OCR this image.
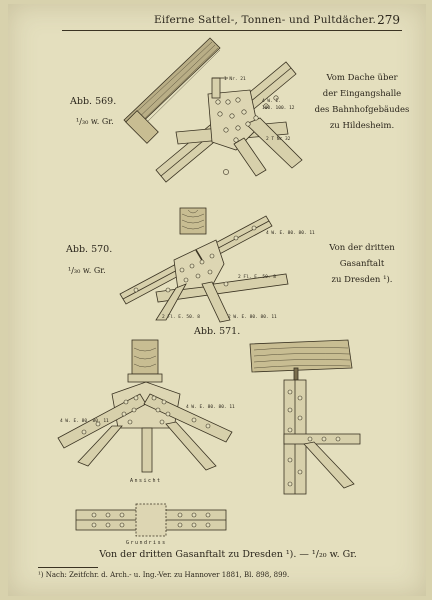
Eiferne Sattel-, Tonnen- und Pultdächer. 279
Abb. 569.
¹/₃₀ w. Gr.
1 Nr. 21
4 W. E.
100. 100. 12
2 T Nr 32
Vom Dache über
der Eingangshalle
des Bahnhofgebäudes
zu Hildesheim.
Abb. 570.
¹/₃₀ w. Gr.
4 W. E. 80. 80. 11
2 Fl. E. 50. 8
2 Fl. E. 50. 8	2 W. E. 80. 80. 11
Von der dritten
Gasanftalt
zu Dresden ¹).
Abb. 571.
4 W. E. 80. 80. 11
4 W. E. 80. 80. 11
Ansicht
Grundriss
Von der dritten Gasanftalt zu Dresden ¹). — ¹/₂₀ w. Gr.
¹) Nach: Zeitfchr. d. Arch.- u. Ing.-Ver. zu Hannover 1881, Bl. 898, 899.
